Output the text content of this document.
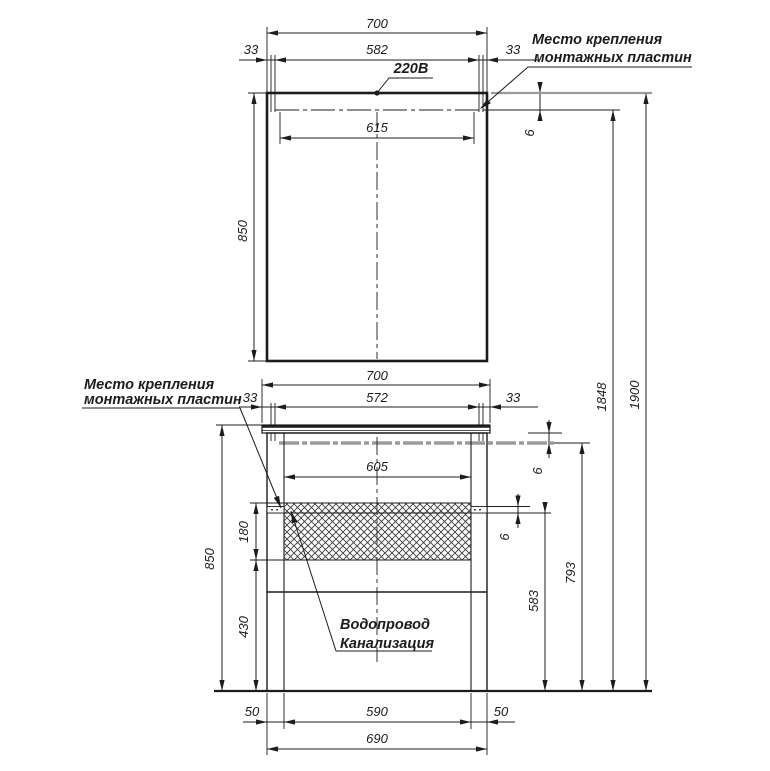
700
33	582	33
615
850
6
220В
Место крепления
монтажных пластин
1848 1900
700
33	572	33
605	6
6
850
180
430
793
583
Место крепления
монтажных пластин
Водопровод
Канализация
50	590	50
690
